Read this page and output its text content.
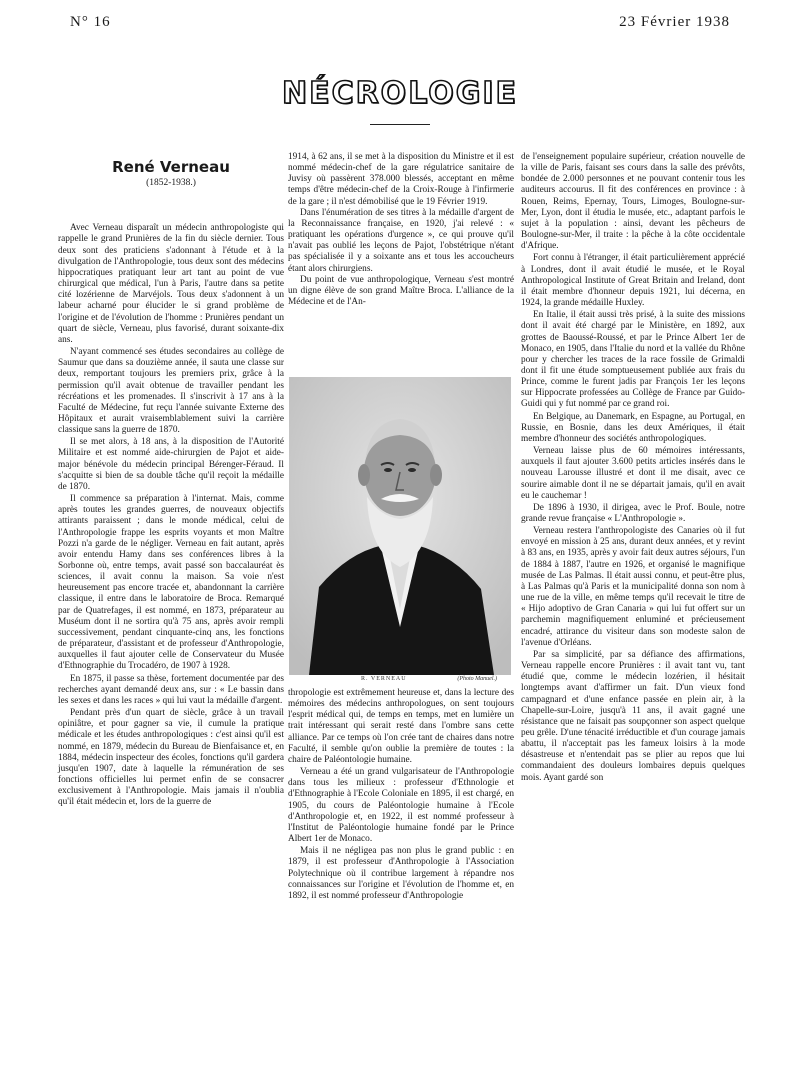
N° 16	23 Février 1938
NÉCROLOGIE
René Verneau
(1852-1938.)

Avec Verneau disparaît un médecin anthropologiste qui rappelle le grand Prunières de la fin du siècle dernier. Tous deux sont des praticiens s'adonnant à l'étude et à la divulgation de l'Anthropologie, tous deux sont des médecins hippocratiques pratiquant leur art tant au point de vue chirurgical que médical, l'un à Paris, l'autre dans sa petite cité lozérienne de Marvéjols. Tous deux s'adonnent à un labeur acharné pour élucider le si grand problème de l'origine et de l'évolution de l'homme : Prunières pendant un quart de siècle, Verneau, plus favorisé, durant soixante-dix ans.

N'ayant commencé ses études secondaires au collège de Saumur que dans sa douzième année, il sauta une classe sur deux, remportant toujours les premiers prix, grâce à la permission qu'il avait obtenue de travailler pendant les récréations et les promenades. Il s'inscrivit à 17 ans à la Faculté de Médecine, fut reçu l'année suivante Externe des Hôpitaux et aurait vraisemblablement suivi la carrière classique sans la guerre de 1870.

Il se met alors, à 18 ans, à la disposition de l'Autorité Militaire et est nommé aide-chirurgien de Pajot et aide-major bénévole du médecin principal Bérenger-Féraud. Il s'acquitte si bien de sa double tâche qu'il reçoit la médaille de 1870.

Il commence sa préparation à l'internat. Mais, comme après toutes les grandes guerres, de nouveaux objectifs attirants paraissent ; dans le monde médical, celui de l'Anthropologie frappe les esprits voyants et mon Maître Pozzi n'a garde de le négliger. Verneau en fait autant, après avoir entendu Hamy dans ses conférences libres à la Sorbonne où, entre temps, avait passé son baccalauréat ès sciences, il avait connu la maison. Sa voie n'est heureusement pas encore tracée et, abandonnant la carrière classique, il entre dans le laboratoire de Broca. Remarqué par de Quatrefages, il est nommé, en 1873, préparateur au Muséum dont il ne sortira qu'à 75 ans, après avoir rempli successivement, pendant cinquante-cinq ans, les fonctions de préparateur, d'assistant et de professeur d'Anthropologie, auxquelles il faut ajouter celle de Conservateur du Musée d'Ethnographie du Trocadéro, de 1907 à 1928.

En 1875, il passe sa thèse, fortement documentée par des recherches ayant demandé deux ans, sur : « Le bassin dans les sexes et dans les races » qui lui vaut la médaille d'argent.

Pendant près d'un quart de siècle, grâce à un travail opiniâtre, et pour gagner sa vie, il cumule la pratique médicale et les études anthropologiques : c'est ainsi qu'il est nommé, en 1879, médecin du Bureau de Bienfaisance et, en 1884, médecin inspecteur des écoles, fonctions qu'il gardera jusqu'en 1907, date à laquelle la rémunération de ses fonctions officielles lui permet enfin de se consacrer exclusivement à l'Anthropologie. Mais jamais il n'oublia qu'il était médecin et, lors de la guerre de

1914, à 62 ans, il se met à la disposition du Ministre et il est nommé médecin-chef de la gare régulatrice sanitaire de Juvisy où passèrent 378.000 blessés, acceptant en même temps d'être médecin-chef de la Croix-Rouge à l'infirmerie de la gare ; il n'est démobilisé que le 19 Février 1919.

Dans l'énumération de ses titres à la médaille d'argent de la Reconnaissance française, en 1920, j'ai relevé : « pratiquant les opérations d'urgence », ce qui prouve qu'il n'avait pas oublié les leçons de Pajot, l'obstétrique n'étant pas spécialisée il y a soixante ans et tous les accoucheurs étant alors chirurgiens.

Du point de vue anthropologique, Verneau s'est montré un digne élève de son grand Maître Broca. L'alliance de la Médecine et de l'An-

R. VERNEAU	(Photo Manuel.)

thropologie est extrêmement heureuse et, dans la lecture des mémoires des médecins anthropologues, on sent toujours l'esprit médical qui, de temps en temps, met en lumière un trait intéressant qui serait resté dans l'ombre sans cette alliance. Par ce temps où l'on crée tant de chaires dans notre Faculté, il semble qu'on oublie la première de toutes : la chaire de Paléontologie humaine.

Verneau a été un grand vulgarisateur de l'Anthropologie dans tous les milieux : professeur d'Ethnologie et d'Ethnographie à l'Ecole Coloniale en 1895, il est chargé, en 1905, du cours de Paléontologie humaine à l'Ecole d'Anthropologie et, en 1922, il est nommé professeur à l'Institut de Paléontologie humaine fondé par le Prince Albert 1er de Monaco.

Mais il ne négligea pas non plus le grand public : en 1879, il est professeur d'Anthropologie à l'Association Polytechnique où il contribue largement à répandre nos connaissances sur l'origine et l'évolution de l'homme et, en 1892, il est nommé professeur d'Anthropologie

de l'enseignement populaire supérieur, création nouvelle de la ville de Paris, faisant ses cours dans la salle des prévôts, bondée de 2.000 personnes et ne pouvant contenir tous les auditeurs accourus. Il fit des conférences en province : à Rouen, Reims, Epernay, Tours, Limoges, Boulogne-sur-Mer, Lyon, dont il étudia le musée, etc., adaptant parfois le sujet à la population : ainsi, devant les pêcheurs de Boulogne-sur-Mer, il traite : la pêche à la côte occidentale d'Afrique.

Fort connu à l'étranger, il était particulièrement apprécié à Londres, dont il avait étudié le musée, et le Royal Anthropological Institute of Great Britain and Ireland, dont il était membre d'honneur depuis 1921, lui décerna, en 1924, la grande médaille Huxley.

En Italie, il était aussi très prisé, à la suite des missions dont il avait été chargé par le Ministère, en 1892, aux grottes de Baoussé-Roussé, et par le Prince Albert 1er de Monaco, en 1905, dans l'Italie du nord et la vallée du Rhône pour y chercher les traces de la race fossile de Grimaldi dont il fit une étude somptueusement publiée aux frais du Prince, comme le furent jadis par François 1er les leçons sur Hippocrate professées au Collège de France par Guido-Guidi qui y fut nommé par ce grand roi.

En Belgique, au Danemark, en Espagne, au Portugal, en Russie, en Bosnie, dans les deux Amériques, il était membre d'honneur des sociétés anthropologiques.

Verneau laisse plus de 60 mémoires intéressants, auxquels il faut ajouter 3.600 petits articles insérés dans le nouveau Larousse illustré et dont il me disait, avec ce sourire aimable dont il ne se départait jamais, qu'il en avait eu le cauchemar !

De 1896 à 1930, il dirigea, avec le Prof. Boule, notre grande revue française « L'Anthropologie ».

Verneau restera l'anthropologiste des Canaries où il fut envoyé en mission à 25 ans, durant deux années, et y revint à 83 ans, en 1935, après y avoir fait deux autres séjours, l'un de 1884 à 1887, l'autre en 1926, et organisé le magnifique musée de Las Palmas. Il était aussi connu, et peut-être plus, à Las Palmas qu'à Paris et la municipalité donna son nom à une rue de la ville, en même temps qu'il recevait le titre de « Hijo adoptivo de Gran Canaria » qui lui fut offert sur un parchemin magnifiquement enluminé et précieusement encadré, attirance du visiteur dans son modeste salon de l'avenue d'Orléans.

Par sa simplicité, par sa défiance des affirmations, Verneau rappelle encore Prunières : il avait tant vu, tant étudié que, comme le médecin lozérien, il hésitait longtemps avant d'affirmer un fait. D'un vieux fond campagnard et d'une enfance passée en plein air, à la Chapelle-sur-Loire, jusqu'à 11 ans, il avait gagné une résistance que ne faisait pas soupçonner son aspect quelque peu grêle. D'une ténacité irréductible et d'un courage jamais abattu, il n'acceptait pas les fameux loisirs à la mode désastreuse et n'entendait pas se plier au repos que lui commandaient des douleurs lombaires depuis quelques mois. Ayant gardé son
